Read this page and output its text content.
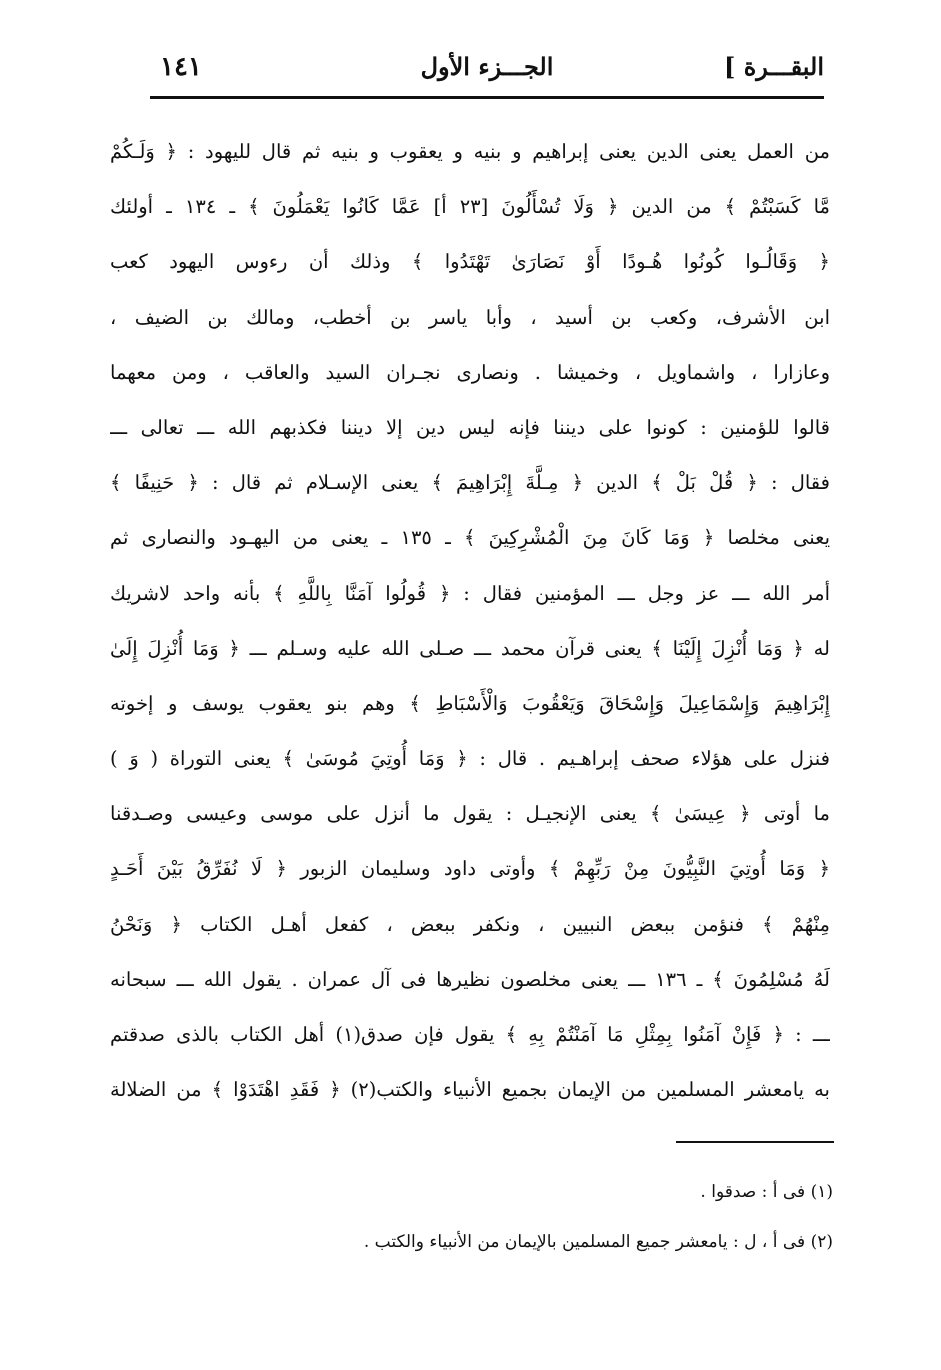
البقـــرة ]
الجـــزء الأول
١٤١
من العمل يعنى الدين يعنى إبراهيم و بنيه و يعقوب و بنيه ثم قال لليهود : ﴿ وَلَـكُمْ
مَّا كَسَبْتُمْ ﴾ من الدين ﴿ وَلَا تُسْأَلُونَ [٢٣ أ] عَمَّا كَانُوا يَعْمَلُونَ ﴾ ـ ١٣٤ ـ أولئك
﴿ وَقَالُـوا كُونُوا هُـودًا أَوْ نَصَارَىٰ تَهْتَدُوا ﴾ وذلك أن رءوس اليهود كعب
ابن الأشرف، وكعب بن أسيد ، وأبا ياسر بن أخطب، ومالك بن الضيف ،
وعازارا ، واشماويل ، وخميشا . ونصارى نجـران السيد والعاقب ، ومن معهما
قالوا للؤمنين : كونوا على ديننا فإنه ليس دين إلا ديننا فكذبهم الله ـــ تعالى ـــ
فقال : ﴿ قُلْ بَلْ ﴾ الدين ﴿ مِـلَّةَ إِبْرَاهِيمَ ﴾ يعنى الإسـلام ثم قال : ﴿ حَنِيفًا ﴾
يعنى مخلصا ﴿ وَمَا كَانَ مِنَ الْمُشْرِكِينَ ﴾ ـ ١٣٥ ـ يعنى من اليهـود والنصارى ثم
أمر الله ـــ عز وجل ـــ المؤمنين فقال : ﴿ قُولُوا آمَنَّا بِاللَّهِ ﴾ بأنه واحد لاشريك
له ﴿ وَمَا أُنْزِلَ إِلَيْنَا ﴾ يعنى قرآن محمد ـــ صـلى الله عليه وسـلم ـــ ﴿ وَمَا أُنْزِلَ إِلَىٰ
إِبْرَاهِيمَ وَإِسْمَاعِيلَ وَإِسْحَاقَ وَيَعْقُوبَ وَالْأَسْبَاطِ ﴾ وهم بنو يعقوب يوسف و إخوته
فنزل على هؤلاء صحف إبراهـيم . قال : ﴿ وَمَا أُوتِيَ مُوسَىٰ ﴾ يعنى التوراة ( وَ )
ما أوتى ﴿ عِيسَىٰ ﴾ يعنى الإنجيـل : يقول ما أنزل على موسى وعيسى وصـدقنا
﴿ وَمَا أُوتِيَ النَّبِيُّونَ مِنْ رَبِّهِمْ ﴾ وأوتى داود وسليمان الزبور ﴿ لَا نُفَرِّقُ بَيْنَ أَحَـدٍ
مِنْهُمْ ﴾ فنؤمن ببعض النبيين ، ونكفر ببعض ، كفعل أهـل الكتاب ﴿ وَنَحْنُ
لَهُ مُسْلِمُونَ ﴾ ـ ١٣٦ ـــ يعنى مخلصون نظيرها فى آل عمران . يقول الله ـــ سبحانه
ـــ : ﴿ فَإِنْ آمَنُوا بِمِثْلِ مَا آمَنْتُمْ بِهِ ﴾ يقول فإن صدق(١) أهل الكتاب بالذى صدقتم
به يامعشر المسلمين من الإيمان بجميع الأنبياء والكتب(٢) ﴿ فَقَدِ اهْتَدَوْا ﴾ من الضلالة
(١) فى أ : صدقوا .
(٢) فى أ ، ل : يامعشر جميع المسلمين بالإيمان من الأنبياء والكتب .
